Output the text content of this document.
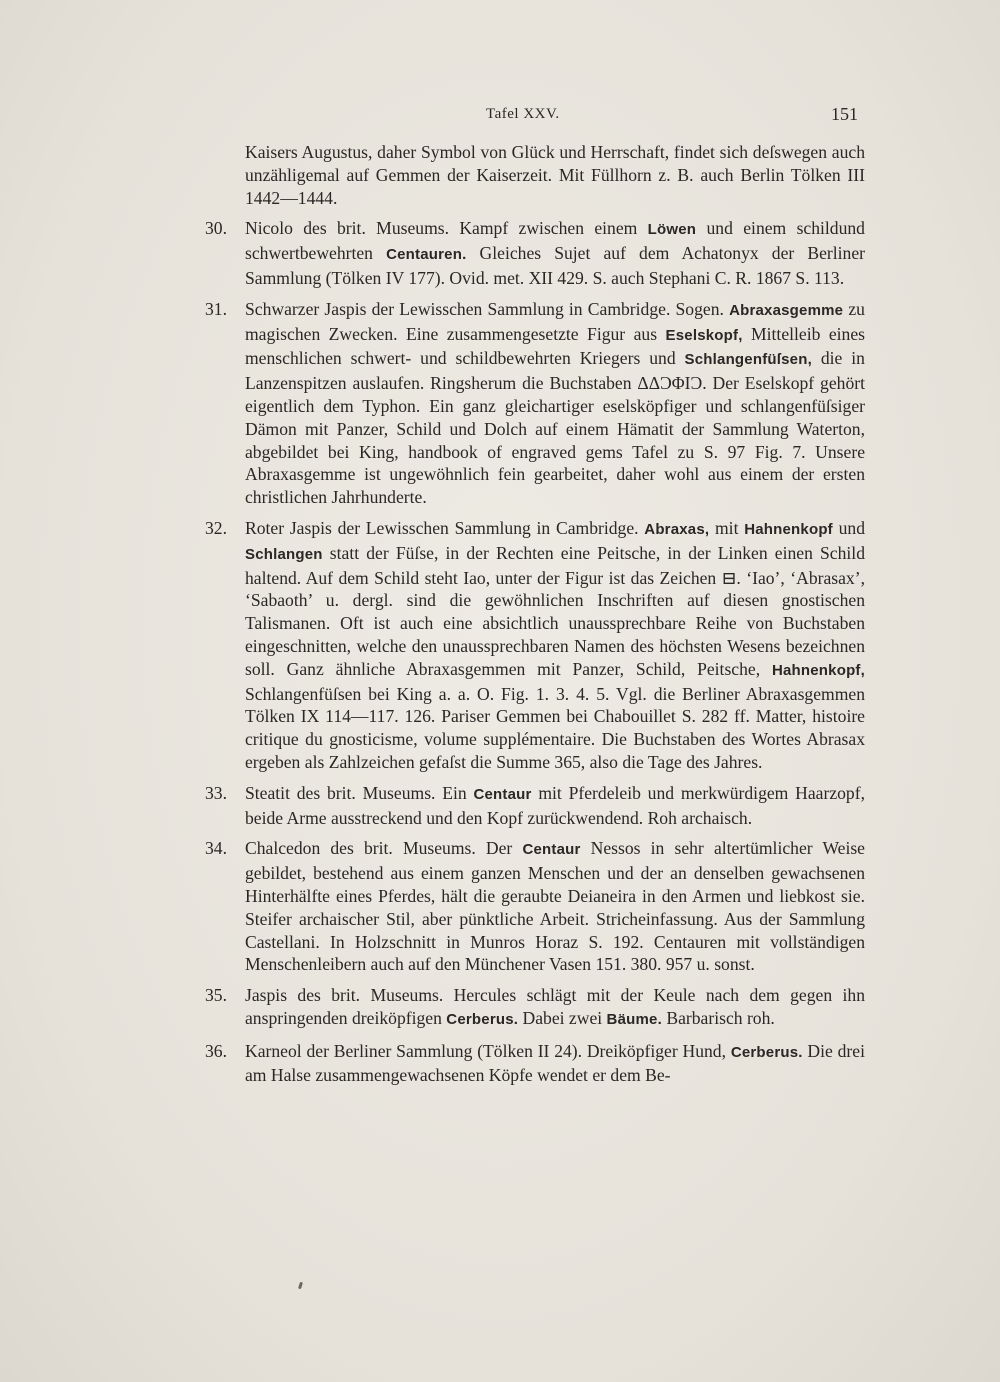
Tafel XXV.	151

Kaisers Augustus, daher Symbol von Glück und Herrschaft, findet sich deſswegen auch unzähligemal auf Gemmen der Kaiserzeit. Mit Füllhorn z. B. auch Berlin Tölken III 1442—1444.

30. Nicolo des brit. Museums. Kampf zwischen einem Löwen und einem schildund schwertbewehrten Centauren. Gleiches Sujet auf dem Achatonyx der Berliner Sammlung (Tölken IV 177). Ovid. met. XII 429. S. auch Stephani C. R. 1867 S. 113.
31. Schwarzer Jaspis der Lewisschen Sammlung in Cambridge. Sogen. Abraxasgemme zu magischen Zwecken. Eine zusammengesetzte Figur aus Eselskopf, Mittelleib eines menschlichen schwert- und schildbewehrten Kriegers und Schlangenfüſsen, die in Lanzenspitzen auslaufen. Ringsherum die Buchstaben ΔΔƆΦIƆ. Der Eselskopf gehört eigentlich dem Typhon. Ein ganz gleichartiger eselsköpfiger und schlangenfüſsiger Dämon mit Panzer, Schild und Dolch auf einem Hämatit der Sammlung Waterton, abgebildet bei King, handbook of engraved gems Tafel zu S. 97 Fig. 7. Unsere Abraxasgemme ist ungewöhnlich fein gearbeitet, daher wohl aus einem der ersten christlichen Jahrhunderte.
32. Roter Jaspis der Lewisschen Sammlung in Cambridge. Abraxas, mit Hahnenkopf und Schlangen statt der Füſse, in der Rechten eine Peitsche, in der Linken einen Schild haltend. Auf dem Schild steht Iao, unter der Figur ist das Zeichen ⊟. ‘Iao’, ‘Abrasax’, ‘Sabaoth’ u. dergl. sind die gewöhnlichen Inschriften auf diesen gnostischen Talismanen. Oft ist auch eine absichtlich unaussprechbare Reihe von Buchstaben eingeschnitten, welche den unaussprechbaren Namen des höchsten Wesens bezeichnen soll. Ganz ähnliche Abraxasgemmen mit Panzer, Schild, Peitsche, Hahnenkopf, Schlangenfüſsen bei King a. a. O. Fig. 1. 3. 4. 5. Vgl. die Berliner Abraxasgemmen Tölken IX 114—117. 126. Pariser Gemmen bei Chabouillet S. 282 ff. Matter, histoire critique du gnosticisme, volume supplémentaire. Die Buchstaben des Wortes Abrasax ergeben als Zahlzeichen gefaſst die Summe 365, also die Tage des Jahres.
33. Steatit des brit. Museums. Ein Centaur mit Pferdeleib und merkwürdigem Haarzopf, beide Arme ausstreckend und den Kopf zurückwendend. Roh archaisch.
34. Chalcedon des brit. Museums. Der Centaur Nessos in sehr altertümlicher Weise gebildet, bestehend aus einem ganzen Menschen und der an denselben gewachsenen Hinterhälfte eines Pferdes, hält die geraubte Deianeira in den Armen und liebkost sie. Steifer archaischer Stil, aber pünktliche Arbeit. Stricheinfassung. Aus der Sammlung Castellani. In Holzschnitt in Munros Horaz S. 192. Centauren mit vollständigen Menschenleibern auch auf den Münchener Vasen 151. 380. 957 u. sonst.
35. Jaspis des brit. Museums. Hercules schlägt mit der Keule nach dem gegen ihn anspringenden dreiköpfigen Cerberus. Dabei zwei Bäume. Barbarisch roh.
36. Karneol der Berliner Sammlung (Tölken II 24). Dreiköpfiger Hund, Cerberus. Die drei am Halse zusammengewachsenen Köpfe wendet er dem Be-
